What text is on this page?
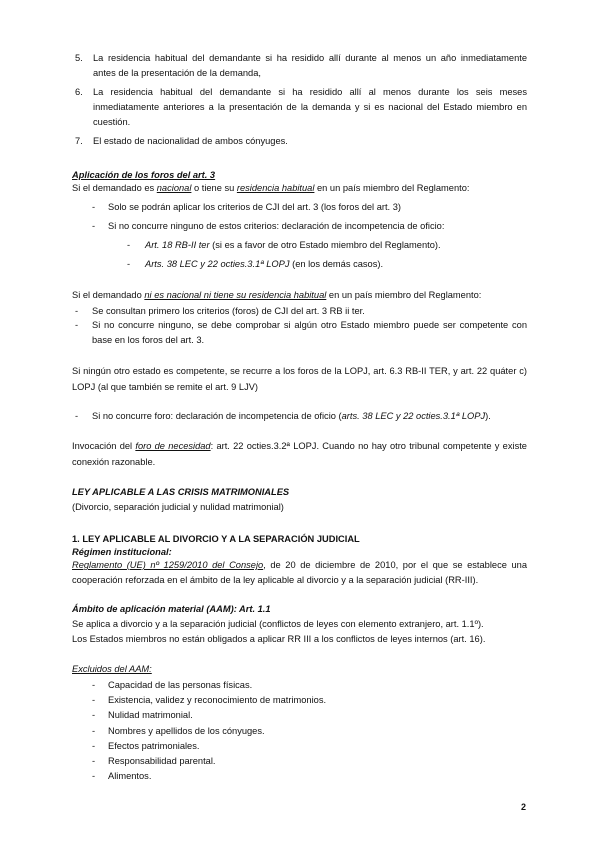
5. La residencia habitual del demandante si ha residido allí durante al menos un año inmediatamente
antes de la presentación de la demanda,
6. La residencia habitual del demandante si ha residido allí al menos durante los seis meses
inmediatamente anteriores a la presentación de la demanda y si es nacional del Estado miembro en
cuestión.
7. El estado de nacionalidad de ambos cónyuges.
Aplicación de los foros del art. 3
Si el demandado es nacional o tiene su residencia habitual en un país miembro del Reglamento:
- Solo se podrán aplicar los criterios de CJI del art. 3 (los foros del art. 3)
- Si no concurre ninguno de estos criterios: declaración de incompetencia de oficio:
- Art. 18 RB-II ter (si es a favor de otro Estado miembro del Reglamento).
- Arts. 38 LEC y 22 octies.3.1ª LOPJ (en los demás casos).
Si el demandado ni es nacional ni tiene su residencia habitual en un país miembro del Reglamento:
- Se consultan primero los criterios (foros) de CJI del art. 3 RB ii ter.
- Si no concurre ninguno, se debe comprobar si algún otro Estado miembro puede ser competente con
base en los foros del art. 3.
Si ningún otro estado es competente, se recurre a los foros de la LOPJ, art. 6.3 RB-II TER, y art. 22 quáter c)
LOPJ (al que también se remite el art. 9 LJV)
- Si no concurre foro: declaración de incompetencia de oficio (arts. 38 LEC y 22 octies.3.1ª LOPJ).
Invocación del foro de necesidad: art. 22 octies.3.2ª LOPJ. Cuando no hay otro tribunal competente y existe
conexión razonable.
LEY APLICABLE A LAS CRISIS MATRIMONIALES
(Divorcio, separación judicial y nulidad matrimonial)
1. LEY APLICABLE AL DIVORCIO Y A LA SEPARACIÓN JUDICIAL
Régimen institucional:
Reglamento (UE) nº 1259/2010 del Consejo, de 20 de diciembre de 2010, por el que se establece una
cooperación reforzada en el ámbito de la ley aplicable al divorcio y a la separación judicial (RR-III).
Ámbito de aplicación material (AAM): Art. 1.1
Se aplica a divorcio y a la separación judicial (conflictos de leyes con elemento extranjero, art. 1.1º).
Los Estados miembros no están obligados a aplicar RR III a los conflictos de leyes internos (art. 16).
Excluidos del AAM:
- Capacidad de las personas físicas.
- Existencia, validez y reconocimiento de matrimonios.
- Nulidad matrimonial.
- Nombres y apellidos de los cónyuges.
- Efectos patrimoniales.
- Responsabilidad parental.
- Alimentos.
2
